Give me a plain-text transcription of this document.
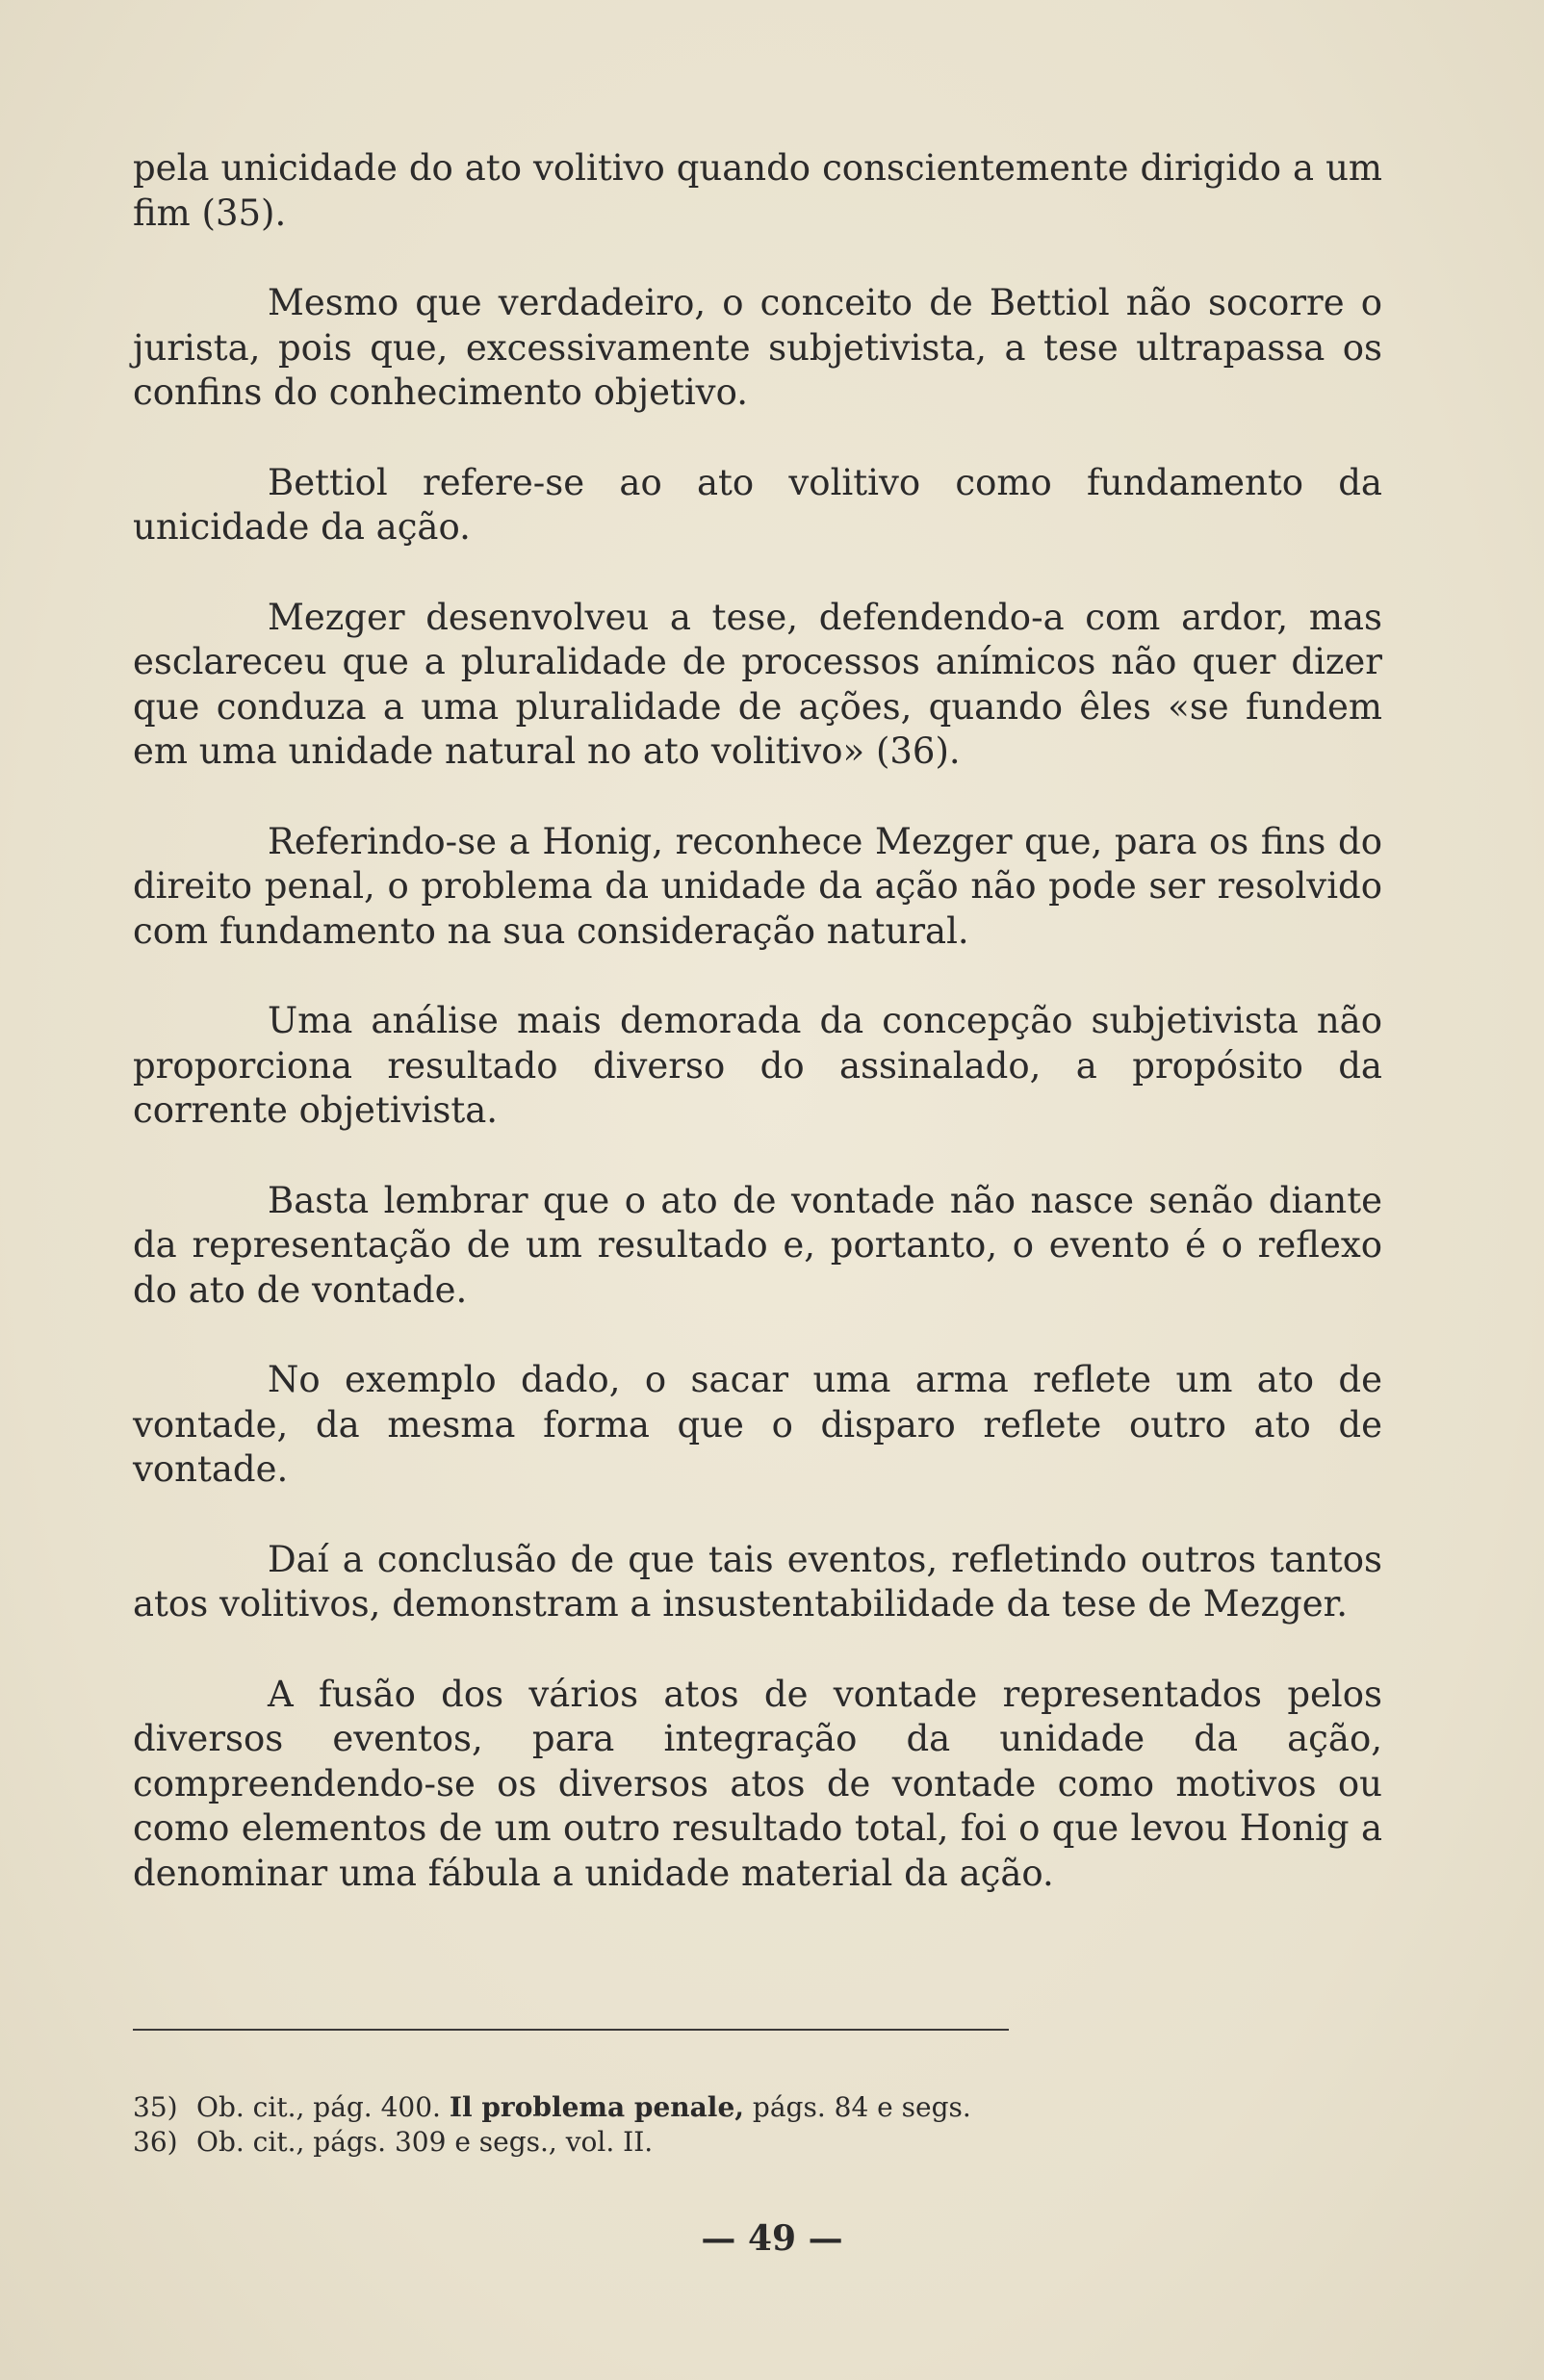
pela unicidade do ato volitivo quando conscientemente dirigido a um fim (35).

Mesmo que verdadeiro, o conceito de Bettiol não socorre o jurista, pois que, excessivamente subjetivista, a tese ultrapassa os confins do conhecimento objetivo.

Bettiol refere-se ao ato volitivo como fundamento da unicidade da ação.

Mezger desenvolveu a tese, defendendo-a com ardor, mas esclareceu que a pluralidade de processos anímicos não quer dizer que conduza a uma pluralidade de ações, quando êles «se fundem em uma unidade natural no ato volitivo» (36).

Referindo-se a Honig, reconhece Mezger que, para os fins do direito penal, o problema da unidade da ação não pode ser resolvido com fundamento na sua consideração natural.

Uma análise mais demorada da concepção subjetivista não proporciona resultado diverso do assinalado, a propósito da corrente objetivista.

Basta lembrar que o ato de vontade não nasce senão diante da representação de um resultado e, portanto, o evento é o reflexo do ato de vontade.

No exemplo dado, o sacar uma arma reflete um ato de vontade, da mesma forma que o disparo reflete outro ato de vontade.

Daí a conclusão de que tais eventos, refletindo outros tantos atos volitivos, demonstram a insustentabilidade da tese de Mezger.

A fusão dos vários atos de vontade representados pelos diversos eventos, para integração da unidade da ação, compreendendo-se os diversos atos de vontade como motivos ou como elementos de um outro resultado total, foi o que levou Honig a denominar uma fábula a unidade material da ação.

35) Ob. cit., pág. 400. Il problema penale, págs. 84 e segs.

36) Ob. cit., págs. 309 e segs., vol. II.

— 49 —
